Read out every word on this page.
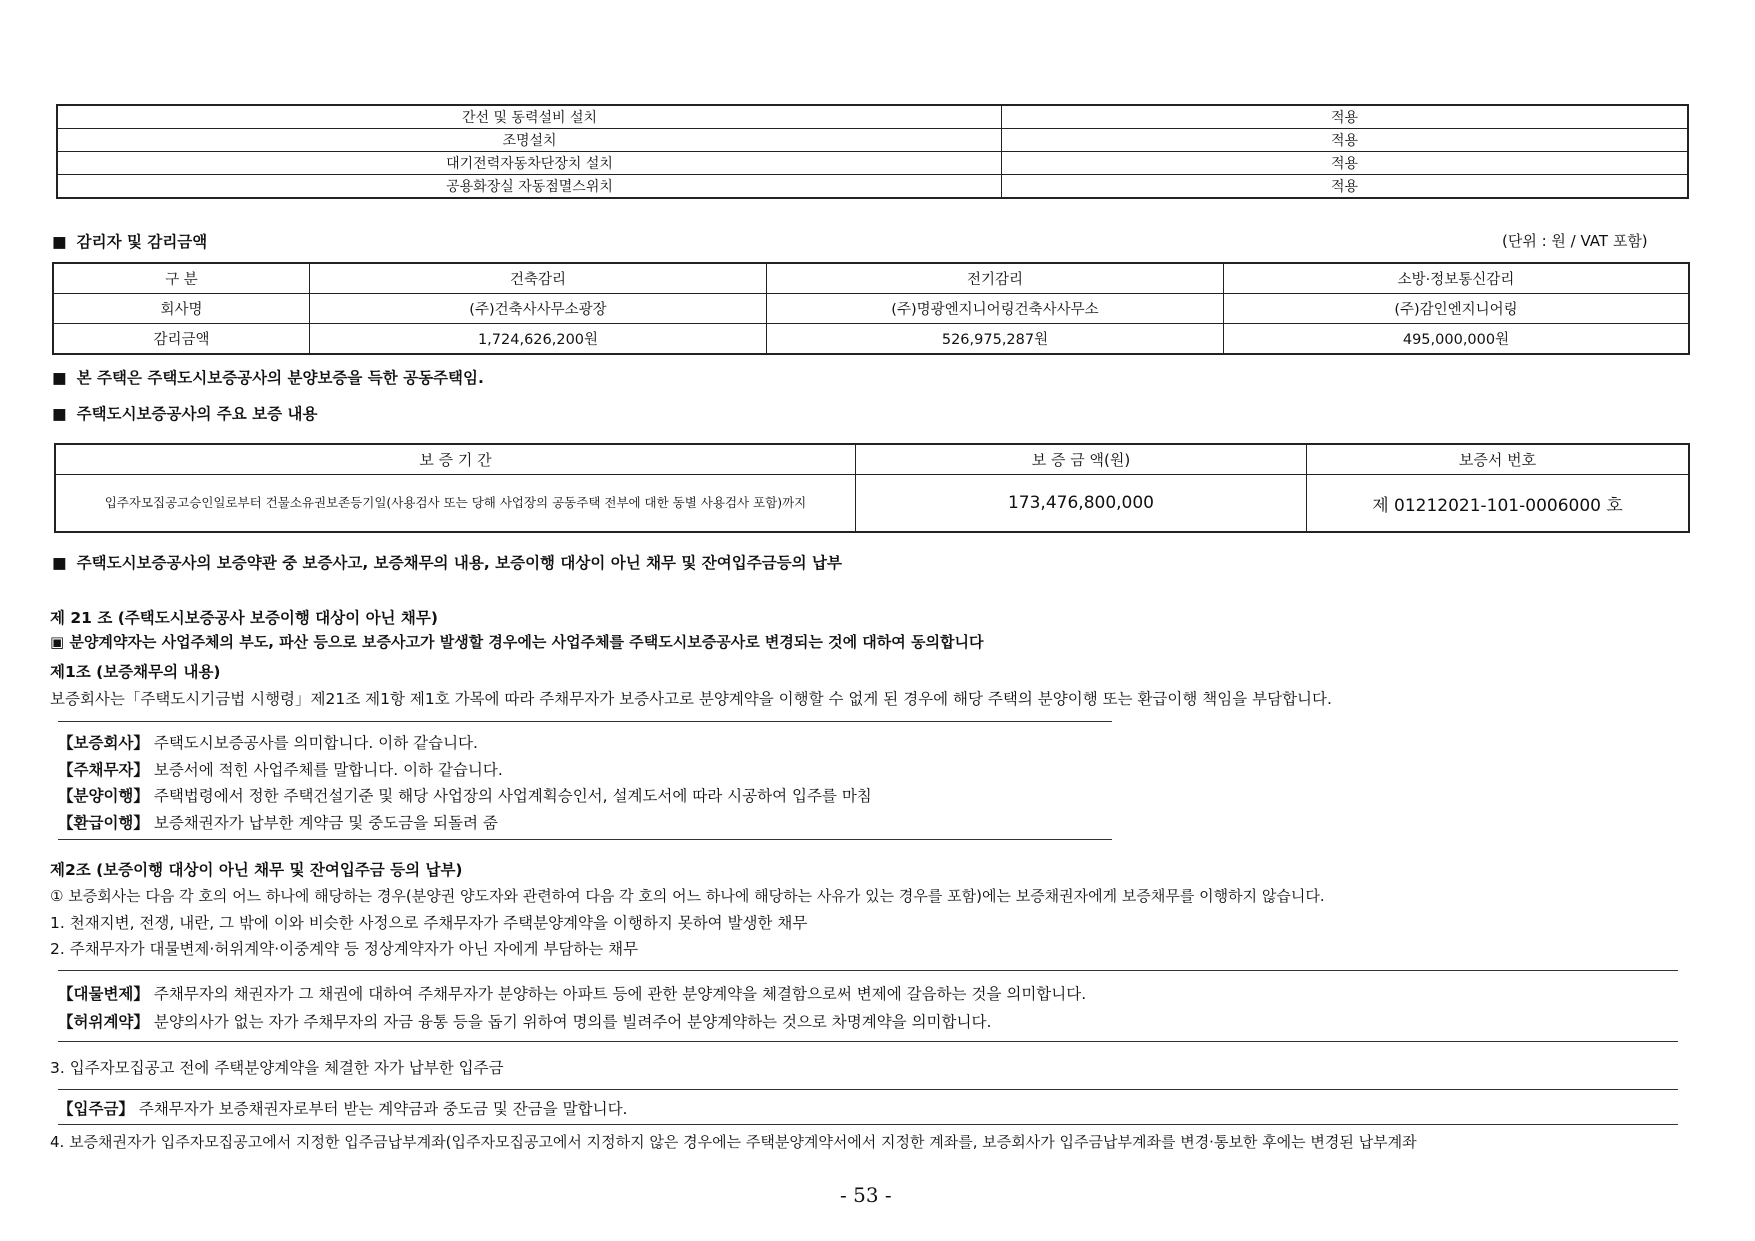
간선 및 동력설비 설치	적용
조명설치	적용
대기전력자동차단장치 설치	적용
공용화장실 자동점멸스위치	적용
■ 감리자 및 감리금액	(단위 : 원 / VAT 포함)
구 분	건축감리	전기감리	소방·정보통신감리
회사명	(주)건축사사무소광장	(주)명광엔지니어링건축사사무소	(주)감인엔지니어링
감리금액	1,724,626,200원	526,975,287원	495,000,000원
■ 본 주택은 주택도시보증공사의 분양보증을 득한 공동주택임.
■ 주택도시보증공사의 주요 보증 내용
보 증 기 간	보 증 금 액(원)	보증서 번호
입주자모집공고승인일로부터 건물소유권보존등기일(사용검사 또는 당해 사업장의 공동주택 전부에 대한 동별 사용검사 포함)까지	173,476,800,000	제 01212021-101-0006000 호
■ 주택도시보증공사의 보증약관 중 보증사고, 보증채무의 내용, 보증이행 대상이 아닌 채무 및 잔여입주금등의 납부
제 21 조 (주택도시보증공사 보증이행 대상이 아닌 채무)
▣ 분양계약자는 사업주체의 부도, 파산 등으로 보증사고가 발생할 경우에는 사업주체를 주택도시보증공사로 변경되는 것에 대하여 동의합니다
제1조 (보증채무의 내용)
보증회사는「주택도시기금법 시행령」제21조 제1항 제1호 가목에 따라 주채무자가 보증사고로 분양계약을 이행할 수 없게 된 경우에 해당 주택의 분양이행 또는 환급이행 책임을 부담합니다.
【보증회사】 주택도시보증공사를 의미합니다. 이하 같습니다.
【주채무자】 보증서에 적힌 사업주체를 말합니다. 이하 같습니다.
【분양이행】 주택법령에서 정한 주택건설기준 및 해당 사업장의 사업계획승인서, 설계도서에 따라 시공하여 입주를 마침
【환급이행】 보증채권자가 납부한 계약금 및 중도금을 되돌려 줌
제2조 (보증이행 대상이 아닌 채무 및 잔여입주금 등의 납부)
① 보증회사는 다음 각 호의 어느 하나에 해당하는 경우(분양권 양도자와 관련하여 다음 각 호의 어느 하나에 해당하는 사유가 있는 경우를 포함)에는 보증채권자에게 보증채무를 이행하지 않습니다.
1. 천재지변, 전쟁, 내란, 그 밖에 이와 비슷한 사정으로 주채무자가 주택분양계약을 이행하지 못하여 발생한 채무
2. 주채무자가 대물변제·허위계약·이중계약 등 정상계약자가 아닌 자에게 부담하는 채무
【대물변제】 주채무자의 채권자가 그 채권에 대하여 주채무자가 분양하는 아파트 등에 관한 분양계약을 체결함으로써 변제에 갈음하는 것을 의미합니다.
【허위계약】 분양의사가 없는 자가 주채무자의 자금 융통 등을 돕기 위하여 명의를 빌려주어 분양계약하는 것으로 차명계약을 의미합니다.
3. 입주자모집공고 전에 주택분양계약을 체결한 자가 납부한 입주금
【입주금】 주채무자가 보증채권자로부터 받는 계약금과 중도금 및 잔금을 말합니다.
4. 보증채권자가 입주자모집공고에서 지정한 입주금납부계좌(입주자모집공고에서 지정하지 않은 경우에는 주택분양계약서에서 지정한 계좌를, 보증회사가 입주금납부계좌를 변경·통보한 후에는 변경된 납부계좌
- 53 -
